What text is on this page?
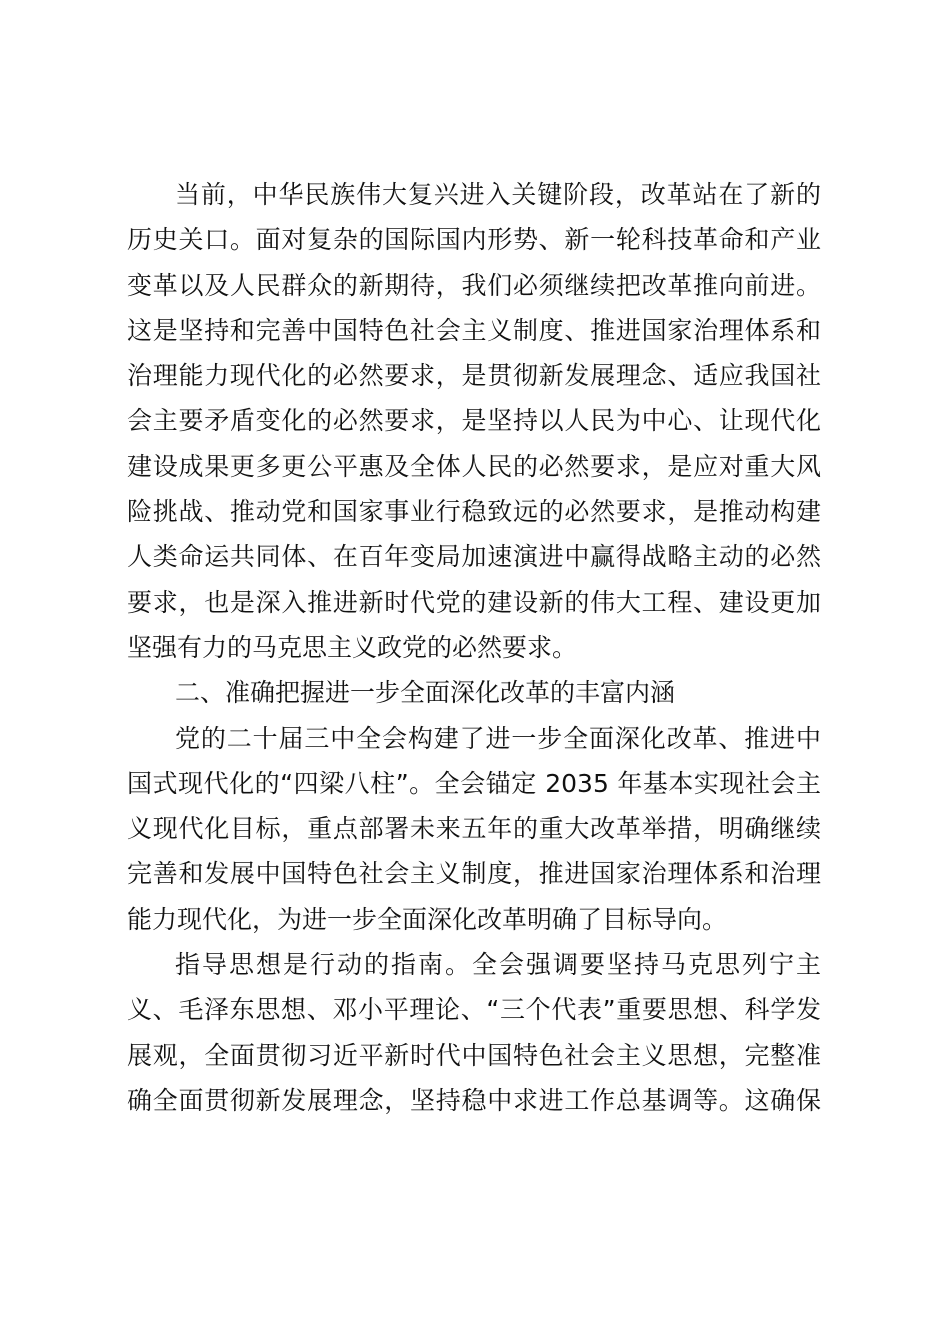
当前，中华民族伟大复兴进入关键阶段，改革站在了新的
历史关口。面对复杂的国际国内形势、新一轮科技革命和产业
变革以及人民群众的新期待，我们必须继续把改革推向前进。
这是坚持和完善中国特色社会主义制度、推进国家治理体系和
治理能力现代化的必然要求，是贯彻新发展理念、适应我国社
会主要矛盾变化的必然要求，是坚持以人民为中心、让现代化
建设成果更多更公平惠及全体人民的必然要求，是应对重大风
险挑战、推动党和国家事业行稳致远的必然要求，是推动构建
人类命运共同体、在百年变局加速演进中赢得战略主动的必然
要求，也是深入推进新时代党的建设新的伟大工程、建设更加
坚强有力的马克思主义政党的必然要求。
二、准确把握进一步全面深化改革的丰富内涵
党的二十届三中全会构建了进一步全面深化改革、推进中
国式现代化的“四梁八柱”。全会锚定 2035 年基本实现社会主
义现代化目标，重点部署未来五年的重大改革举措，明确继续
完善和发展中国特色社会主义制度，推进国家治理体系和治理
能力现代化，为进一步全面深化改革明确了目标导向。
指导思想是行动的指南。全会强调要坚持马克思列宁主
义、毛泽东思想、邓小平理论、“三个代表”重要思想、科学发
展观，全面贯彻习近平新时代中国特色社会主义思想，完整准
确全面贯彻新发展理念，坚持稳中求进工作总基调等。这确保
